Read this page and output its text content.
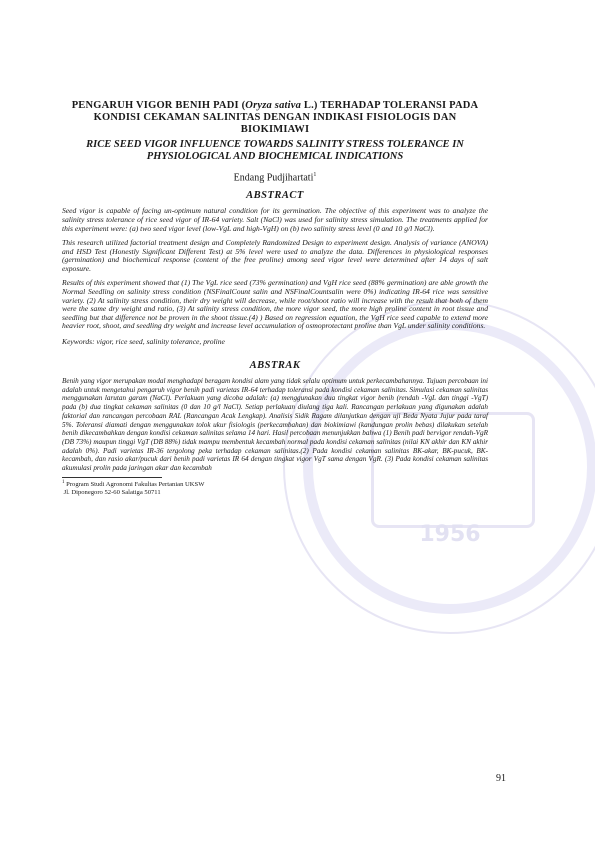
1956

PENGARUH VIGOR BENIH PADI (Oryza sativa L.) TERHADAP TOLERANSI PADA KONDISI CEKAMAN SALINITAS DENGAN INDIKASI FISIOLOGIS DAN BIOKIMIAWI

RICE SEED VIGOR INFLUENCE TOWARDS SALINITY STRESS TOLERANCE IN PHYSIOLOGICAL AND BIOCHEMICAL INDICATIONS

Endang Pudjihartati$^1$

ABSTRACT

Seed vigor is capable of facing un-optimum natural condition for its germination. The objective of this experiment was to analyze the salinity stress tolerance of rice seed vigor of IR-64 variety. Salt (NaCl) was used for salinity stress simulation. The treatments applied for this experiment were: (a) two seed vigor level (low-VgL and high-VgH) on (b) two salinity stress level (0 and 10 g/l NaCl).

This research utilized factorial treatment design and Completely Randomized Design to experiment design. Analysis of variance (ANOVA) and HSD Test (Honestly Significant Different Test) at 5% level were used to analyze the data. Differences in physiological responses (germination) and biochemical response (content of the free proline) among seed vigor level were determined after 14 days of salt exposure.

Results of this experiment showed that (1) The VgL rice seed (73% germination) and VgH rice seed (88% germination) are able growth the Normal Seedling on salinity stress condition (NSFinalCount salin and NSFinalCountsalin were 0%) indicating IR-64 rice was sensitive variety. (2) At salinity stress condition, their dry weight will decrease, while root/shoot ratio will increase with the result that both of them were the same dry weight and ratio, (3) At salinity stress condition, the more vigor seed, the more high proline content in root tissue and seedling but that difference not be proven in the shoot tissue.(4) ) Based on regression equation, the VgH rice seed capable to extend more heavier root, shoot, and seedling dry weight and increase level accumulation of osmoprotectant proline than VgL under salinity conditions.

Keywords: vigor, rice seed, salinity tolerance, proline

ABSTRAK

Benih yang vigor merupakan modal menghadapi beragam kondisi alam yang tidak selalu optimum untuk perkecambahannya. Tujuan percobaan ini adalah untuk mengetahui pengaruh vigor benih padi varietas IR-64 terhadap toleransi pada kondisi cekaman salinitas. Simulasi cekaman salinitas menggunakan larutan garam (NaCl). Perlakuan yang dicoba adalah: (a) menggunakan dua tingkat vigor benih (rendah -VgL dan tinggi -VgT) pada (b) dua tingkat cekaman salinitas (0 dan 10 g/l NaCl). Setiap perlakuan diulang tiga kali. Rancangan perlakuan yang digunakan adalah faktorial dan rancangan percobaan RAL (Rancangan Acak Lengkap). Analisis Sidik Ragam dilanjutkan dengan uji Beda Nyata Jujur pada taraf 5%. Toleransi diamati dengan menggunakan tolok ukur fisiologis (perkecambahan) dan biokimiawi (kandungan prolin bebas) dilakukan setelah benih dikecambahkan dengan kondisi cekaman salinitas selama 14 hari. Hasil percobaan menunjukkan bahwa (1) Benih padi bervigor rendah-VgR (DB 73%) maupun tinggi VgT (DB 88%) tidak mampu membentuk kecambah normal pada kondisi cekaman salinitas (nilai KN akhir dan KN akhir adalah 0%). Padi varietas IR-36 tergolong peka terhadap cekaman salinitas.(2) Pada kondisi cekaman salinitas BK-akar, BK-pucuk, BK-kecambah, dan rasio akar/pucuk dari benih padi varietas IR 64 dengan tingkat vigor VgT sama dengan VgR. (3) Pada kondisi cekaman salinitas akumulasi prolin pada jaringan akar dan kecambah

$^1$ Program Studi Agronomi Fakultas Pertanian UKSW

Jl. Diponegoro 52-60 Salatiga 50711

91
